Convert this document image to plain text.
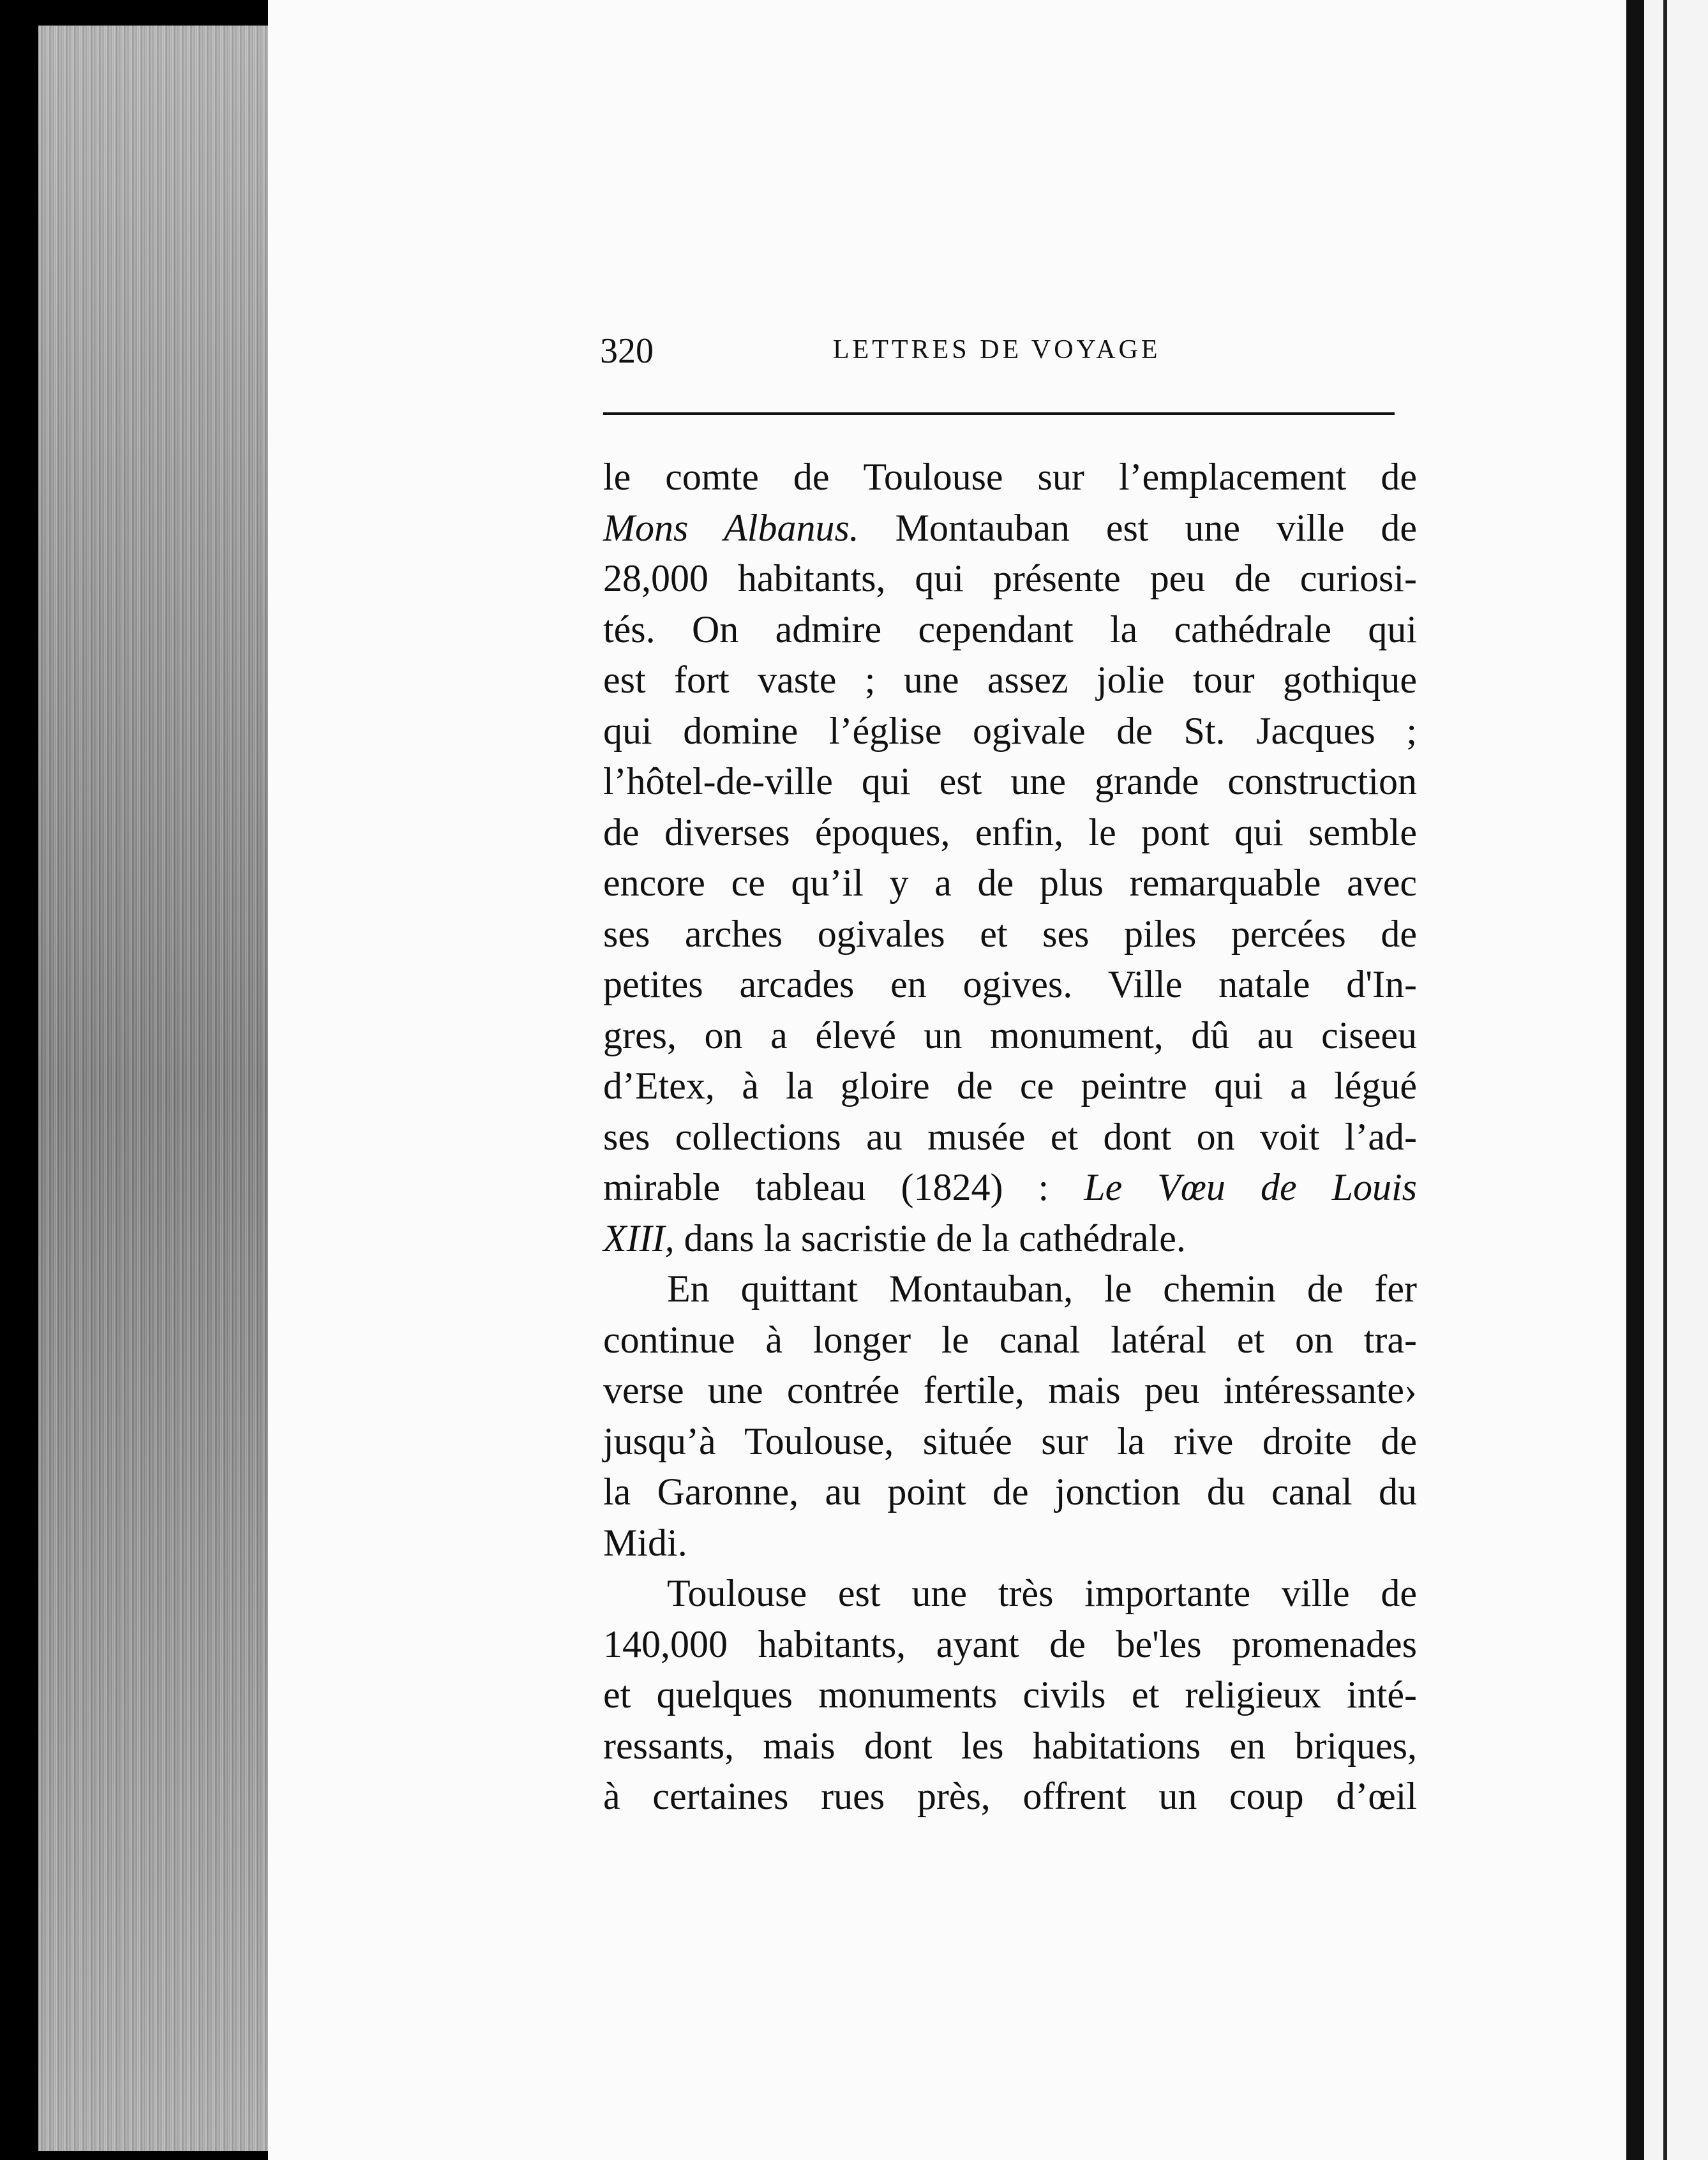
320	LETTRES DE VOYAGE
le comte de Toulouse sur l’emplacement de
Mons Albanus. Montauban est une ville de
28,000 habitants, qui présente peu de curiosi-
tés. On admire cependant la cathédrale qui
est fort vaste ; une assez jolie tour gothique
qui domine l’église ogivale de St. Jacques ;
l’hôtel-de-ville qui est une grande construction
de diverses époques, enfin, le pont qui semble
encore ce qu’il y a de plus remarquable avec
ses arches ogivales et ses piles percées de
petites arcades en ogives. Ville natale d'In-
gres, on a élevé un monument, dû au ciseeu
d’Etex, à la gloire de ce peintre qui a légué
ses collections au musée et dont on voit l’ad-
mirable tableau (1824) : Le Vœu de Louis
XIII, dans la sacristie de la cathédrale.
En quittant Montauban, le chemin de fer
continue à longer le canal latéral et on tra-
verse une contrée fertile, mais peu intéressante›
jusqu’à Toulouse, située sur la rive droite de
la Garonne, au point de jonction du canal du
Midi.
Toulouse est une très importante ville de
140,000 habitants, ayant de be'les promenades
et quelques monuments civils et religieux inté-
ressants, mais dont les habitations en briques,
à certaines rues près, offrent un coup d’œil
